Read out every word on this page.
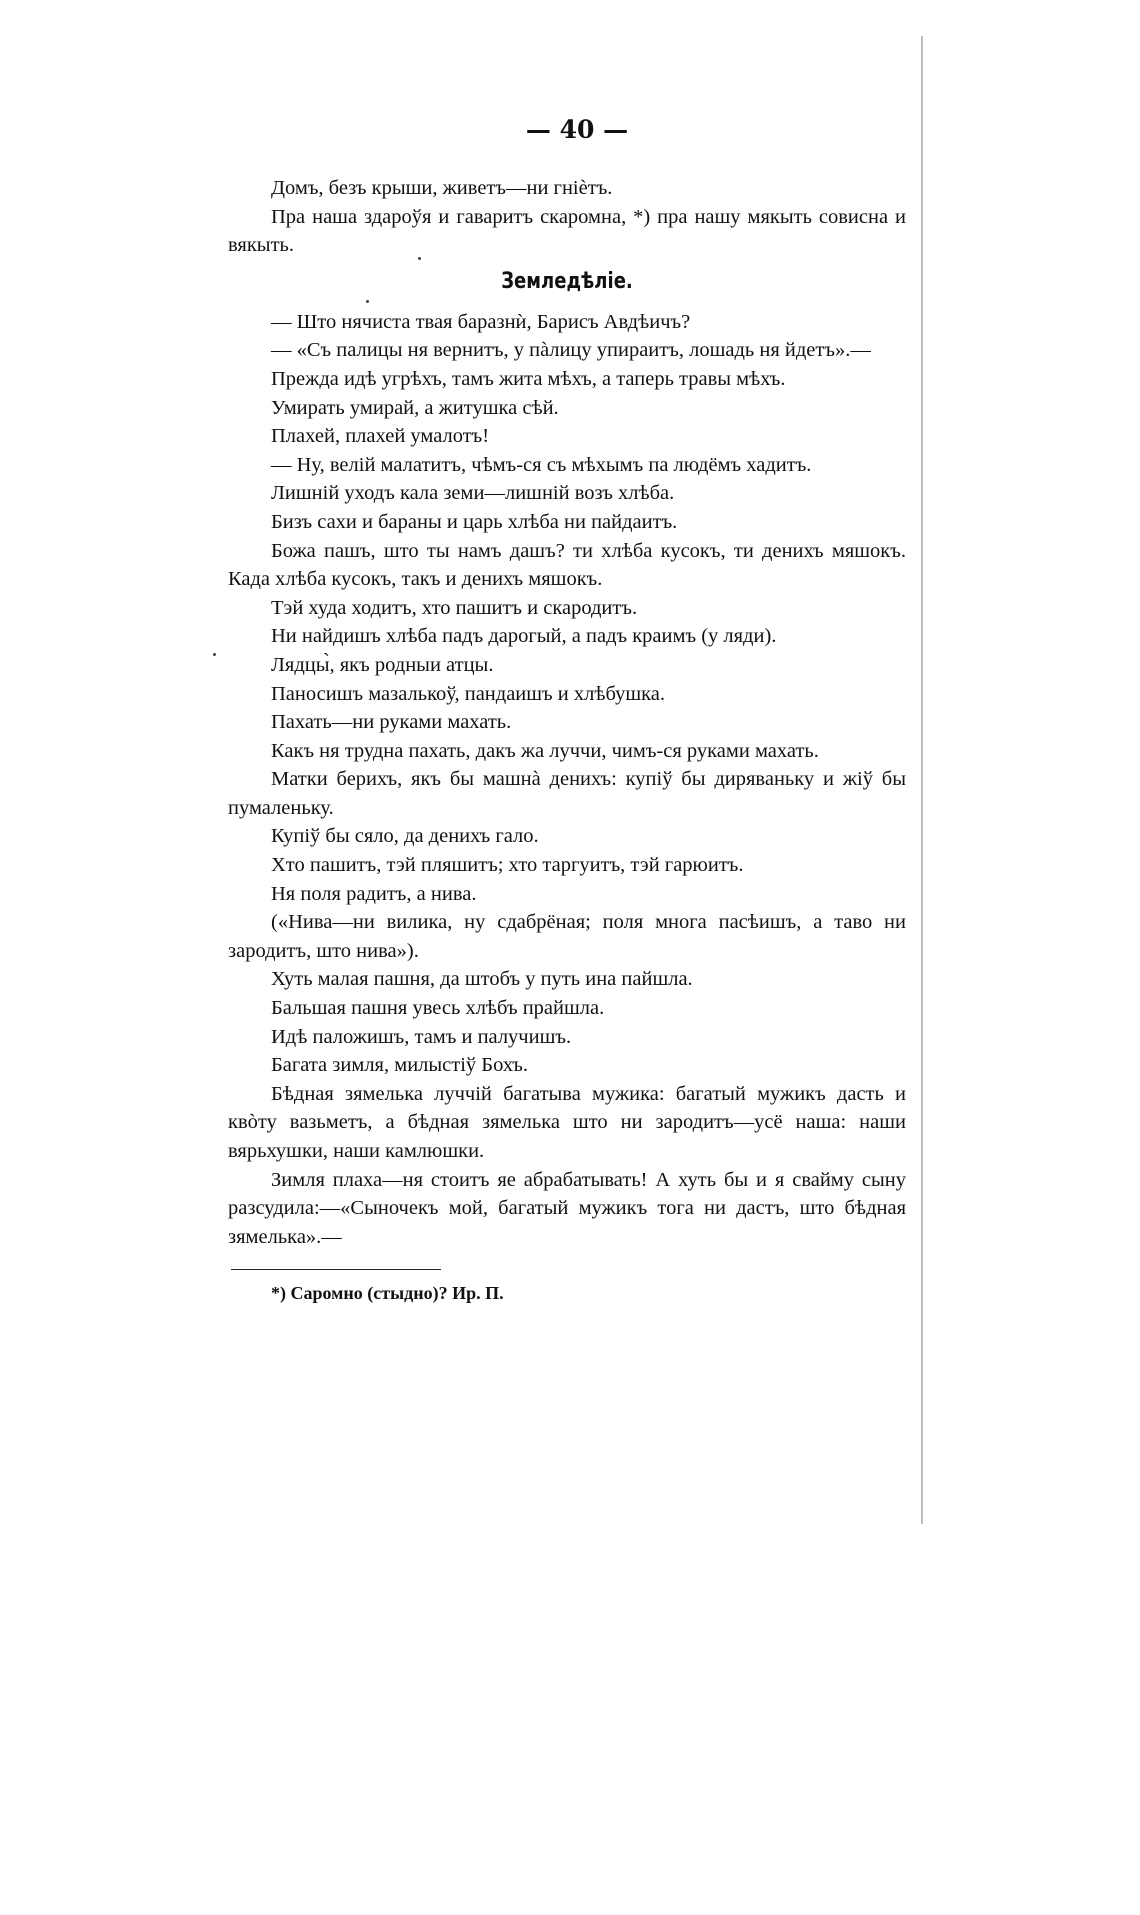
— 40 —

Домъ, безъ крыши, живетъ—ни гніѐтъ.

Пра наша здароўя и гаваритъ скаромна, *) пра нашу мякыть совисна и вякыть.

Земледѣліе.

— Што нячиста твая баразнѝ, Барисъ Авдѣичъ?

— «Съ палицы ня вернитъ, у пàлицу упираитъ, лошадь ня йдетъ».—

Прежда идѣ угрѣхъ, тамъ жита мѣхъ, а таперь травы мѣхъ.

Умирать умирай, а житушка сѣй.

Плахей, плахей умалотъ!

— Ну, велій малатитъ, чѣмъ-ся съ мѣхымъ па людёмъ хадитъ.

Лишній уходъ кала земи—лишній возъ хлѣба.

Бизъ сахи и бараны и царь хлѣба ни пайдаитъ.

Божа пашъ, што ты намъ дашъ? ти хлѣба кусокъ, ти денихъ мяшокъ. Када хлѣба кусокъ, такъ и денихъ мяшокъ.

Тэй худа ходитъ, хто пашитъ и скародитъ.

Ни найдишъ хлѣба падъ дарогый, а падъ краимъ (у ляди).

Лядцы̀, якъ родныи атцы.

Паносишъ мазалькоў, пандаишъ и хлѣбушка.

Пахать—ни руками махать.

Какъ ня трудна пахать, дакъ жа луччи, чимъ-ся руками махать.

Матки берихъ, якъ бы машнà денихъ: купіў бы диряваньку и жіў бы пумаленьку.

Купіў бы сяло, да денихъ гало.

Хто пашитъ, тэй пляшитъ; хто таргуитъ, тэй гарюитъ.

Ня поля радитъ, а нива.

(«Нива—ни вилика, ну сдабрёная; поля многа пасѣишъ, а таво ни зародитъ, што нива»).

Хуть малая пашня, да штобъ у путь ина пайшла.

Бальшая пашня увесь хлѣбъ прайшла.

Идѣ паложишъ, тамъ и палучишъ.

Багата зимля, милыстіў Бохъ.

Бѣдная зямелька луччій багатыва мужика: багатый мужикъ дасть и квòту вазьметъ, а бѣдная зямелька што ни зародитъ—усё наша: наши вярьхушки, наши камлюшки.

Зимля плаха—ня стоитъ яе абрабатывать! А хуть бы и я свайму сыну разсудила:—«Сыночекъ мой, багатый мужикъ тога ни дастъ, што бѣдная зямелька».—

*) Саромно (стыдно)? Ир. П.
